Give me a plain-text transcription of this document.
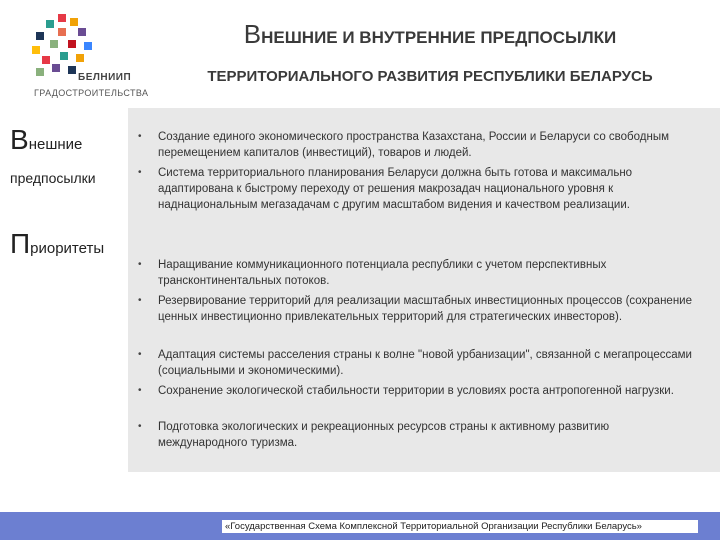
БЕЛНИИП
ГРАДОСТРОИТЕЛЬСТВА
ВНЕШНИЕ И ВНУТРЕННИЕ ПРЕДПОСЫЛКИ
ТЕРРИТОРИАЛЬНОГО РАЗВИТИЯ РЕСПУБЛИКИ БЕЛАРУСЬ
Внешние
предпосылки
Приоритеты
• Создание единого экономического пространства Казахстана, России и Беларуси со свободным перемещением капиталов (инвестиций), товаров и людей.
• Система территориального планирования Беларуси должна быть готова и максимально адаптирована к быстрому переходу от решения макрозадач национального уровня к наднациональным мегазадачам с другим масштабом видения и качеством реализации.
• Наращивание коммуникационного потенциала республики с учетом перспективных трансконтинентальных потоков.
• Резервирование территорий для реализации масштабных инвестиционных процессов (сохранение ценных инвестиционно привлекательных территорий для стратегических инвесторов).
• Адаптация системы расселения страны к волне "новой урбанизации", связанной с мегапроцессами (социальными и экономическими).
• Сохранение экологической стабильности территории в условиях роста антропогенной нагрузки.
• Подготовка экологических и рекреационных ресурсов страны к активному развитию международного туризма.
«Государственная Схема Комплексной Территориальной Организации Республики Беларусь»
